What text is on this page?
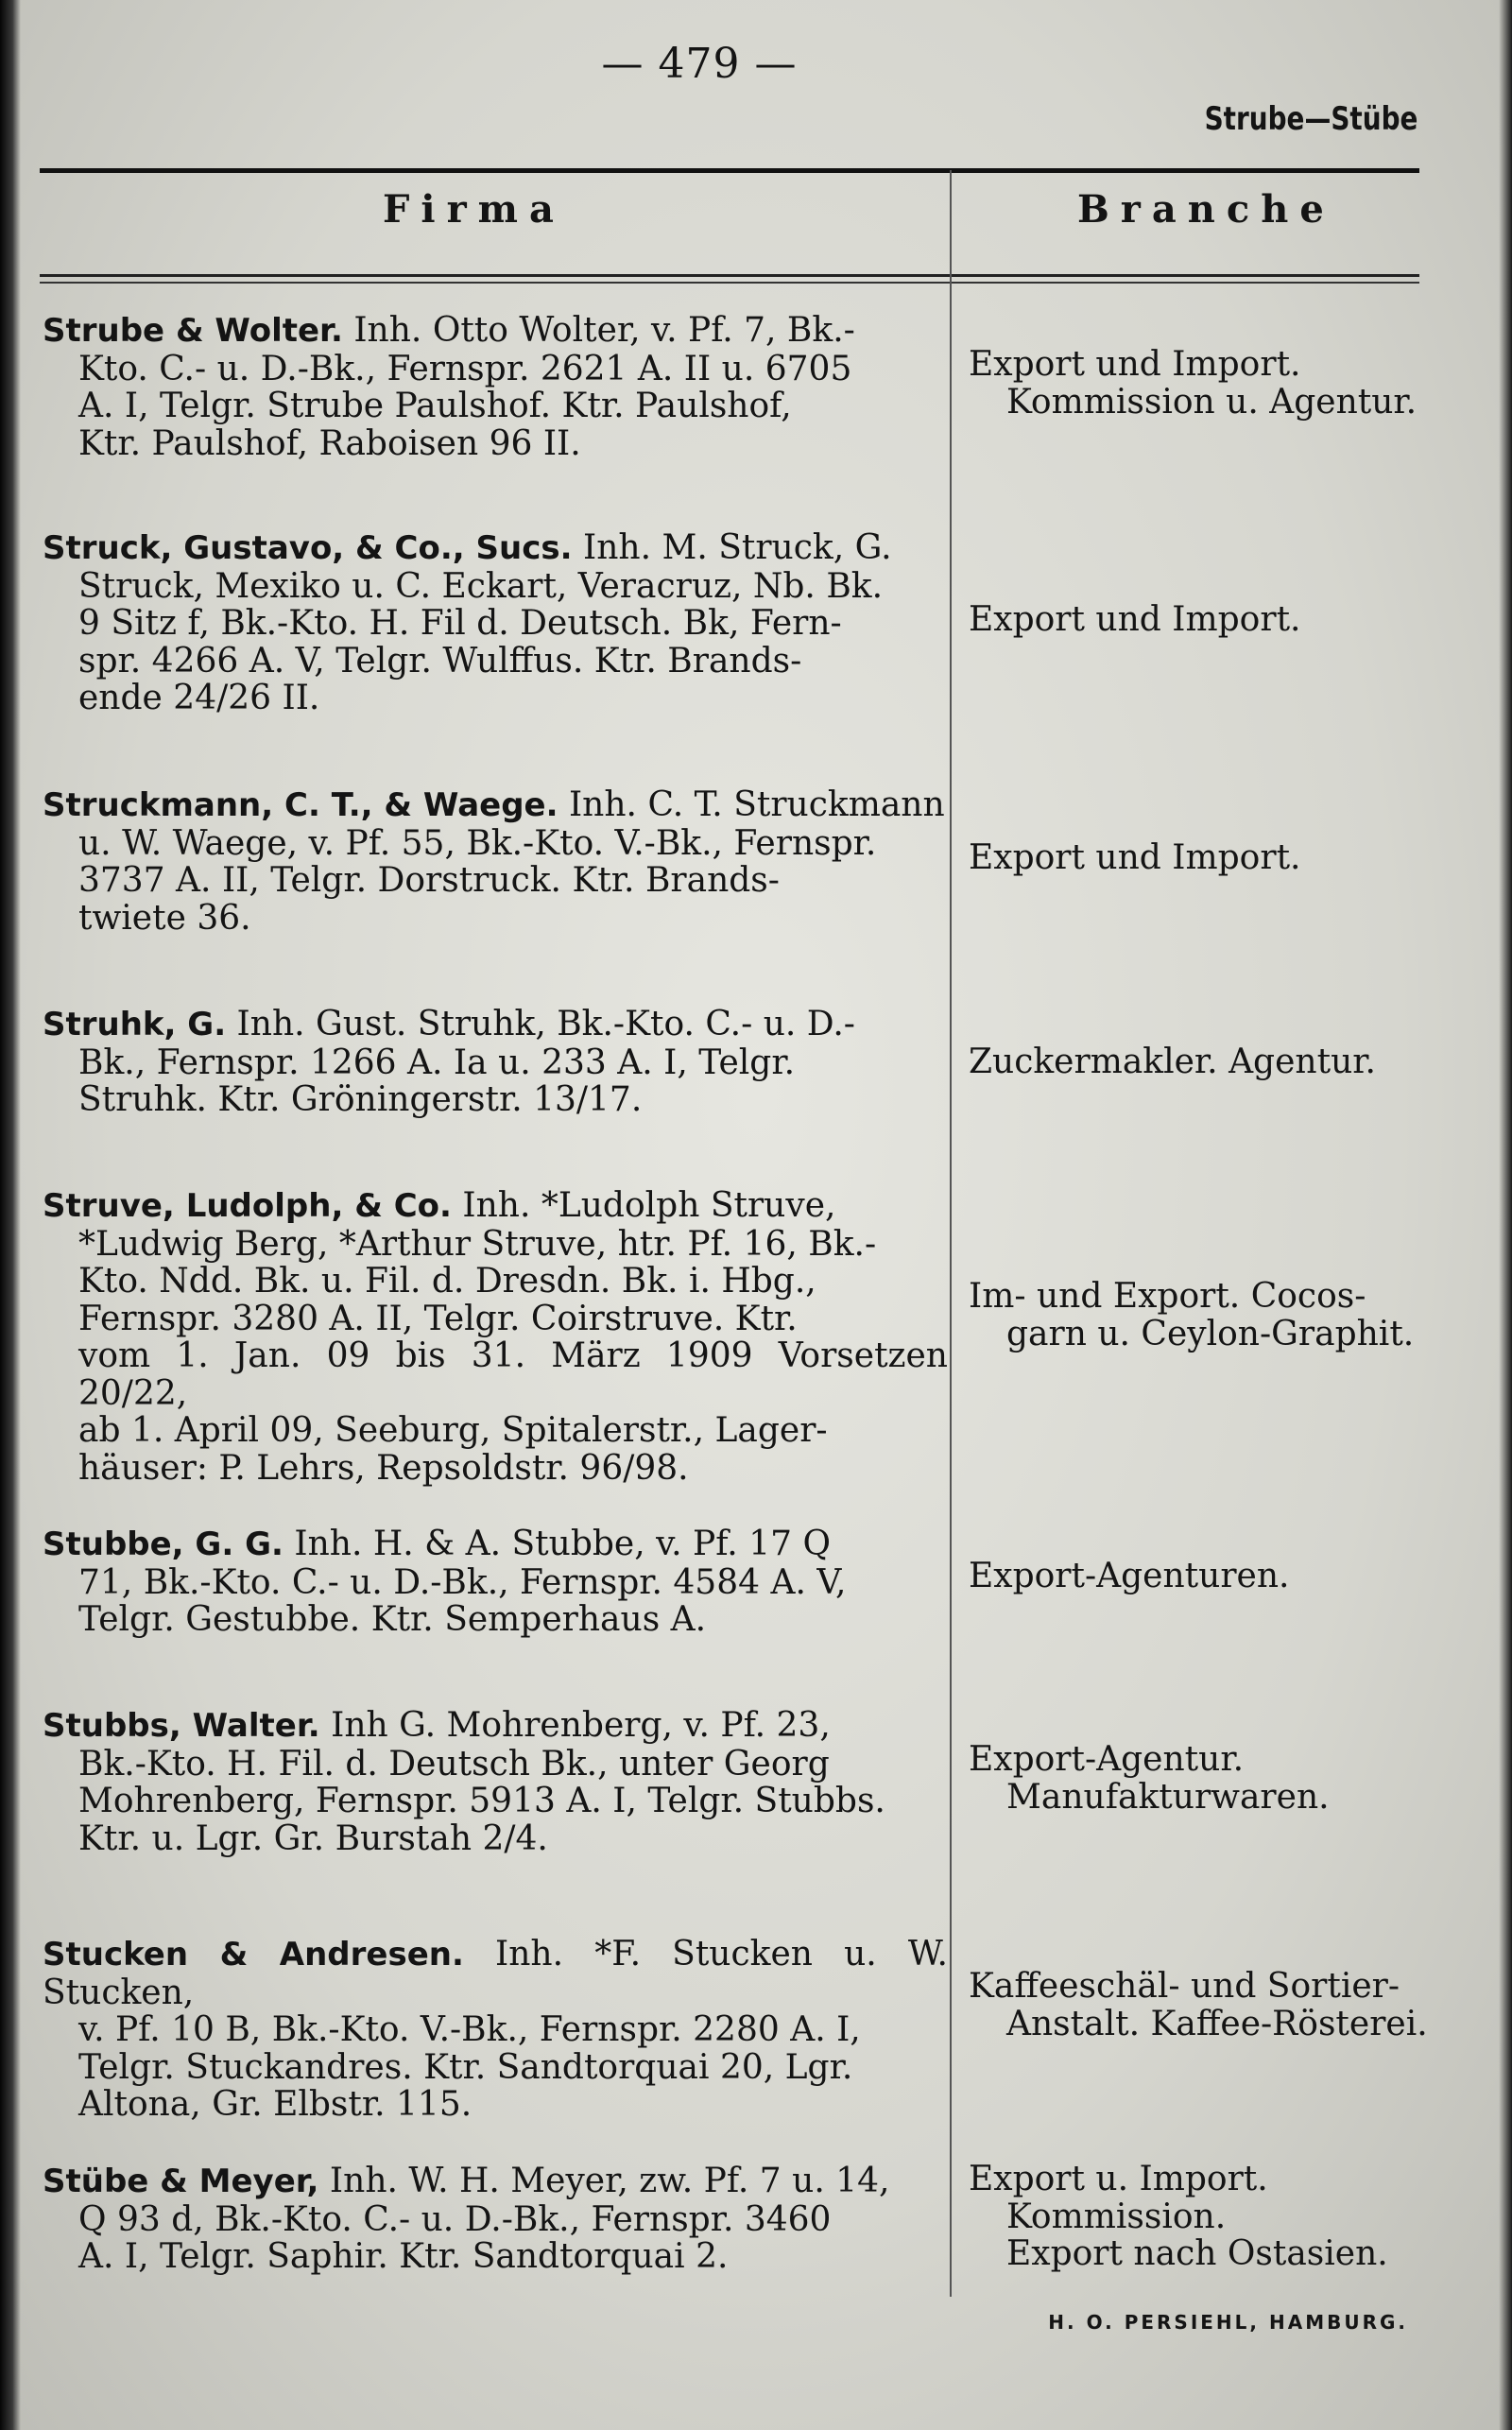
— 479 —
Strube—Stübe
Firma	Branche

Strube & Wolter. Inh. Otto Wolter, v. Pf. 7, Bk.-
Kto. C.- u. D.-Bk., Fernspr. 2621 A. II u. 6705
A. I, Telgr. Strube Paulshof. Ktr. Paulshof,
Ktr. Paulshof, Raboisen 96 II.

Export und Import.
Kommission u. Agentur.

Struck, Gustavo, & Co., Sucs. Inh. M. Struck, G.
Struck, Mexiko u. C. Eckart, Veracruz, Nb. Bk.
9 Sitz f, Bk.-Kto. H. Fil d. Deutsch. Bk, Fern-
spr. 4266 A. V, Telgr. Wulffus. Ktr. Brands-
ende 24/26 II.

Export und Import.

Struckmann, C. T., & Waege. Inh. C. T. Struckmann
u. W. Waege, v. Pf. 55, Bk.-Kto. V.-Bk., Fernspr.
3737 A. II, Telgr. Dorstruck. Ktr. Brands-
twiete 36.

Export und Import.

Struhk, G. Inh. Gust. Struhk, Bk.-Kto. C.- u. D.-
Bk., Fernspr. 1266 A. Ia u. 233 A. I, Telgr.
Struhk. Ktr. Gröningerstr. 13/17.

Zuckermakler. Agentur.

Struve, Ludolph, & Co. Inh. *Ludolph Struve,
*Ludwig Berg, *Arthur Struve, htr. Pf. 16, Bk.-
Kto. Ndd. Bk. u. Fil. d. Dresdn. Bk. i. Hbg.,
Fernspr. 3280 A. II, Telgr. Coirstruve. Ktr.
vom 1. Jan. 09 bis 31. März 1909 Vorsetzen 20/22,
ab 1. April 09, Seeburg, Spitalerstr., Lager-
häuser: P. Lehrs, Repsoldstr. 96/98.

Im- und Export. Cocos-
garn u. Ceylon-Graphit.

Stubbe, G. G. Inh. H. & A. Stubbe, v. Pf. 17 Q
71, Bk.-Kto. C.- u. D.-Bk., Fernspr. 4584 A. V,
Telgr. Gestubbe. Ktr. Semperhaus A.

Export-Agenturen.

Stubbs, Walter. Inh G. Mohrenberg, v. Pf. 23,
Bk.-Kto. H. Fil. d. Deutsch Bk., unter Georg
Mohrenberg, Fernspr. 5913 A. I, Telgr. Stubbs.
Ktr. u. Lgr. Gr. Burstah 2/4.

Export-Agentur.
Manufakturwaren.

Stucken & Andresen. Inh. *F. Stucken u. W. Stucken,
v. Pf. 10 B, Bk.-Kto. V.-Bk., Fernspr. 2280 A. I,
Telgr. Stuckandres. Ktr. Sandtorquai 20, Lgr.
Altona, Gr. Elbstr. 115.

Kaffeeschäl- und Sortier-
Anstalt. Kaffee-Rösterei.

Stübe & Meyer, Inh. W. H. Meyer, zw. Pf. 7 u. 14,
Q 93 d, Bk.-Kto. C.- u. D.-Bk., Fernspr. 3460
A. I, Telgr. Saphir. Ktr. Sandtorquai 2.

Export u. Import.
Kommission.
Export nach Ostasien.
H. O. PERSIEHL, HAMBURG.
